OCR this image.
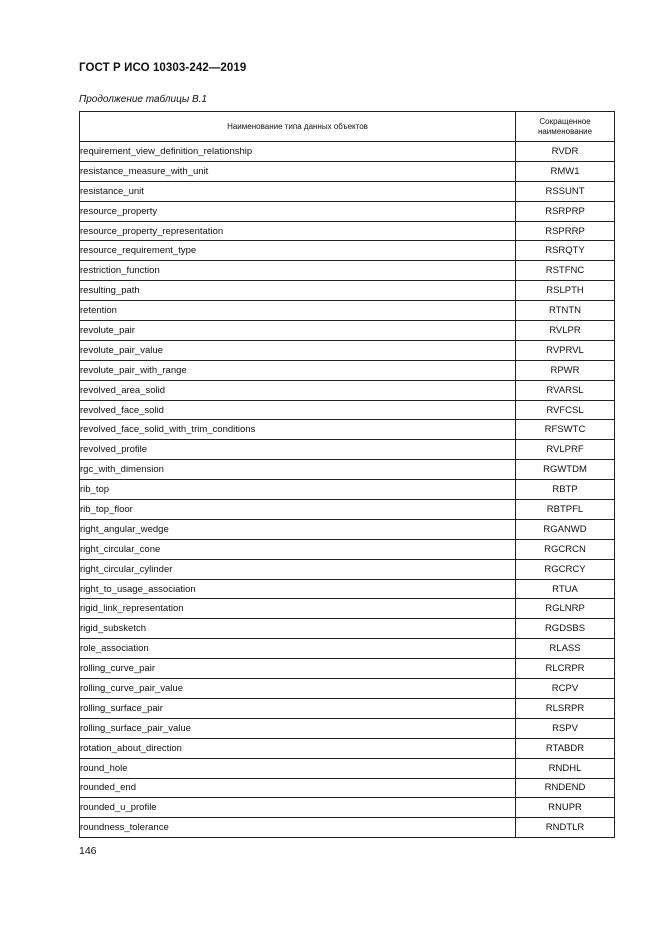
ГОСТ Р ИСО 10303-242—2019
Продолжение таблицы В.1
Наименование типа данных объектов	Сокращенное наименование
requirement_view_definition_relationship	RVDR
resistance_measure_with_unit	RMW1
resistance_unit	RSSUNT
resource_property	RSRPRP
resource_property_representation	RSPRRP
resource_requirement_type	RSRQTY
restriction_function	RSTFNC
resulting_path	RSLPTH
retention	RTNTN
revolute_pair	RVLPR
revolute_pair_value	RVPRVL
revolute_pair_with_range	RPWR
revolved_area_solid	RVARSL
revolved_face_solid	RVFCSL
revolved_face_solid_with_trim_conditions	RFSWTC
revolved_profile	RVLPRF
rgc_with_dimension	RGWTDM
rib_top	RBTP
rib_top_floor	RBTPFL
right_angular_wedge	RGANWD
right_circular_cone	RGCRCN
right_circular_cylinder	RGCRCY
right_to_usage_association	RTUA
rigid_link_representation	RGLNRP
rigid_subsketch	RGDSBS
role_association	RLASS
rolling_curve_pair	RLCRPR
rolling_curve_pair_value	RCPV
rolling_surface_pair	RLSRPR
rolling_surface_pair_value	RSPV
rotation_about_direction	RTABDR
round_hole	RNDHL
rounded_end	RNDEND
rounded_u_profile	RNUPR
roundness_tolerance	RNDTLR
146
